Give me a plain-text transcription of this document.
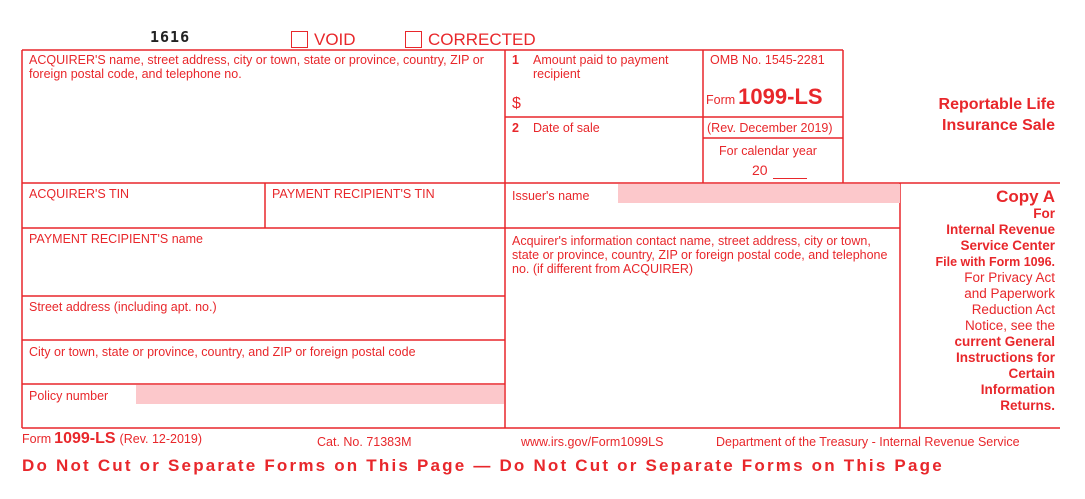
1616	VOID	CORRECTED
ACQUIRER'S name, street address, city or town, state or province, country, ZIP or foreign postal code, and telephone no.
1 Amount paid to payment recipient
$
2 Date of sale
OMB No. 1545-2281
Form 1099-LS
(Rev. December 2019)
For calendar year
20
Reportable Life
Insurance Sale
ACQUIRER'S TIN	PAYMENT RECIPIENT'S TIN	Issuer's name
PAYMENT RECIPIENT'S name	Acquirer's information contact name, street address, city or town, state or province, country, ZIP or foreign postal code, and telephone no. (if different from ACQUIRER)
Street address (including apt. no.)
City or town, state or province, country, and ZIP or foreign postal code
Policy number
Copy A
For
Internal Revenue
Service Center
File with Form 1096.
For Privacy Act
and Paperwork
Reduction Act
Notice, see the
current General
Instructions for
Certain
Information
Returns.
Form 1099-LS (Rev. 12-2019)	Cat. No. 71383M	www.irs.gov/Form1099LS	Department of the Treasury - Internal Revenue Service
Do Not Cut or Separate Forms on This Page — Do Not Cut or Separate Forms on This Page
